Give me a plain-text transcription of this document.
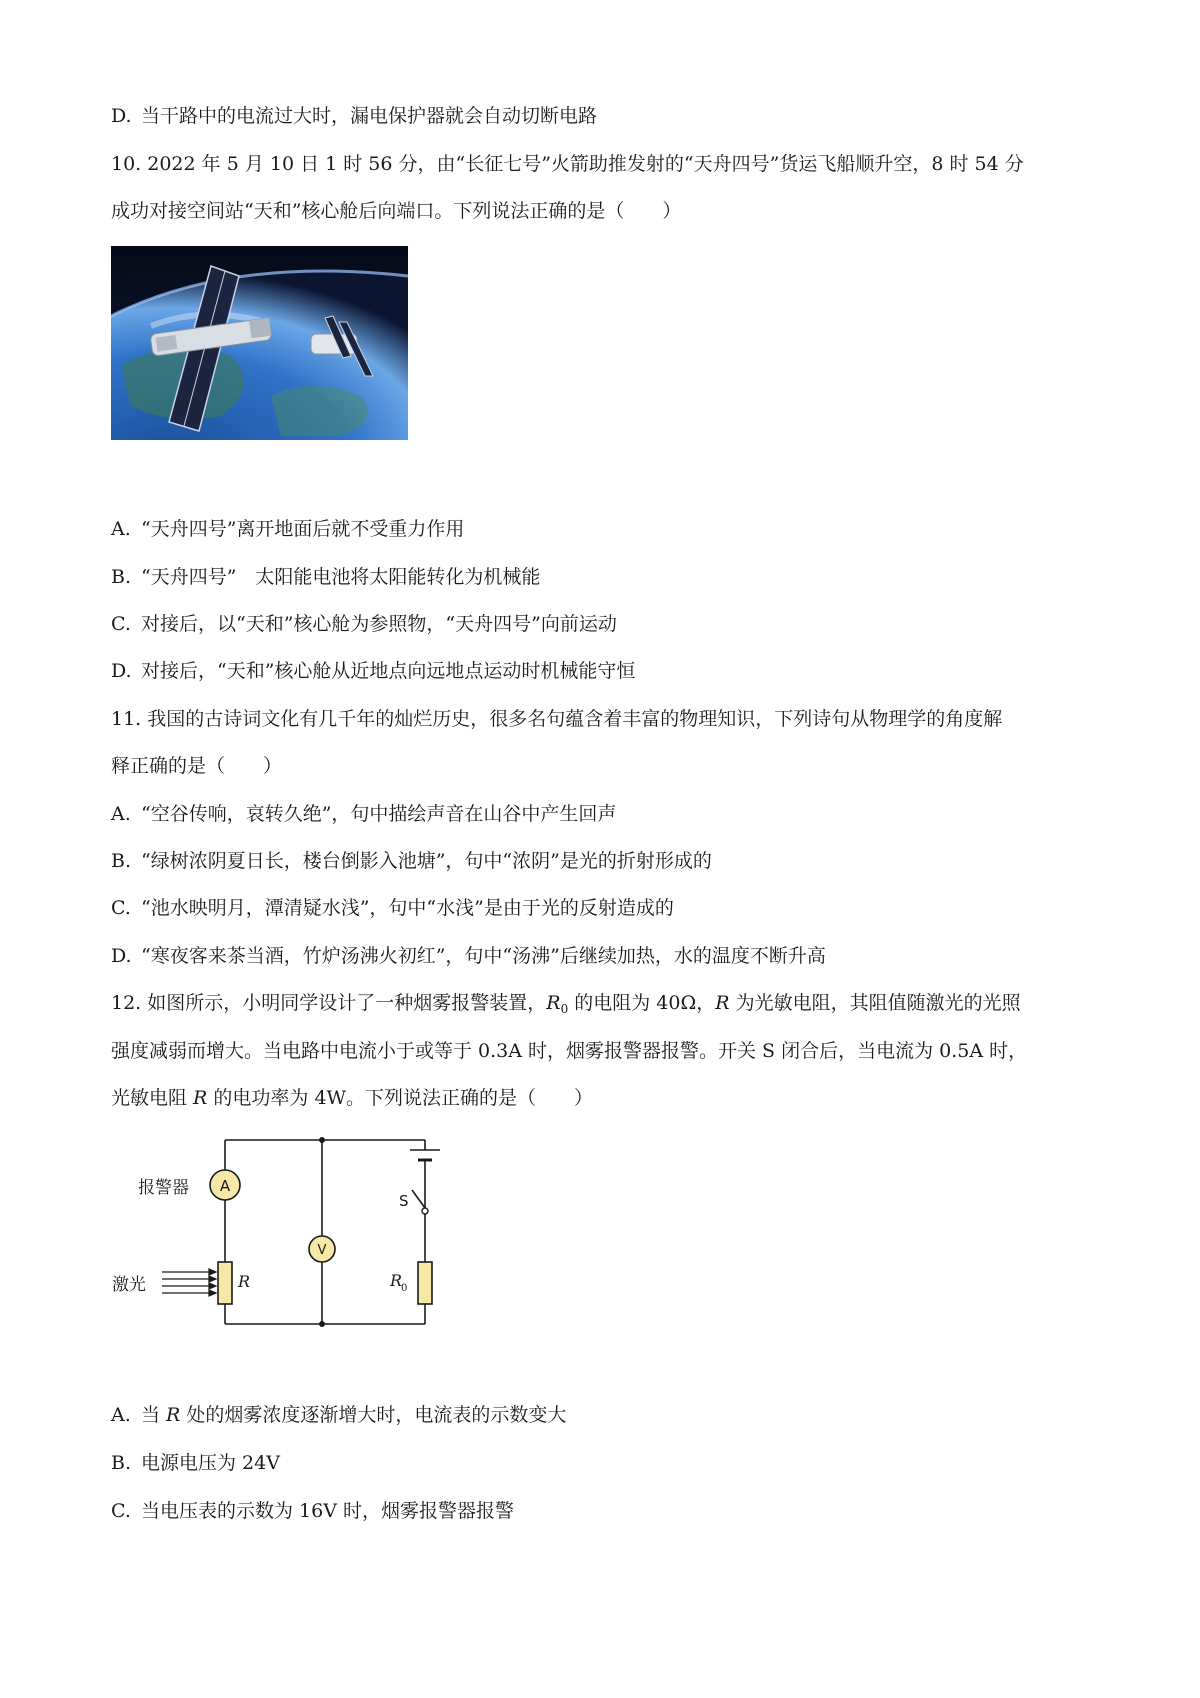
D. 当干路中的电流过大时，漏电保护器就会自动切断电路
10. 2022 年 5 月 10 日 1 时 56 分，由“长征七号”火箭助推发射的“天舟四号”货运飞船顺升空，8 时 54 分
成功对接空间站“天和”核心舱后向端口。下列说法正确的是（　　）
A. “天舟四号”离开地面后就不受重力作用
B. “天舟四号”　太阳能电池将太阳能转化为机械能
C. 对接后，以“天和”核心舱为参照物，“天舟四号”向前运动
D. 对接后，“天和”核心舱从近地点向远地点运动时机械能守恒
11. 我国的古诗词文化有几千年的灿烂历史，很多名句蕴含着丰富的物理知识，下列诗句从物理学的角度解
释正确的是（　　）
A. “空谷传响，哀转久绝”，句中描绘声音在山谷中产生回声
B. “绿树浓阴夏日长，楼台倒影入池塘”，句中“浓阴”是光的折射形成的
C. “池水映明月，潭清疑水浅”，句中“水浅”是由于光的反射造成的
D. “寒夜客来茶当酒，竹炉汤沸火初红”，句中“汤沸”后继续加热，水的温度不断升高
12. 如图所示，小明同学设计了一种烟雾报警装置，$R_0$ 的电阻为 40Ω，R 为光敏电阻，其阻值随激光的光照
强度减弱而增大。当电路中电流小于或等于 0.3A 时，烟雾报警器报警。开关 S 闭合后，当电流为 0.5A 时，
光敏电阻 R 的电功率为 4W。下列说法正确的是（　　）
A
V
R	R
0
S
报警器
激光
A. 当 R 处的烟雾浓度逐渐增大时，电流表的示数变大
B. 电源电压为 24V
C. 当电压表的示数为 16V 时，烟雾报警器报警
